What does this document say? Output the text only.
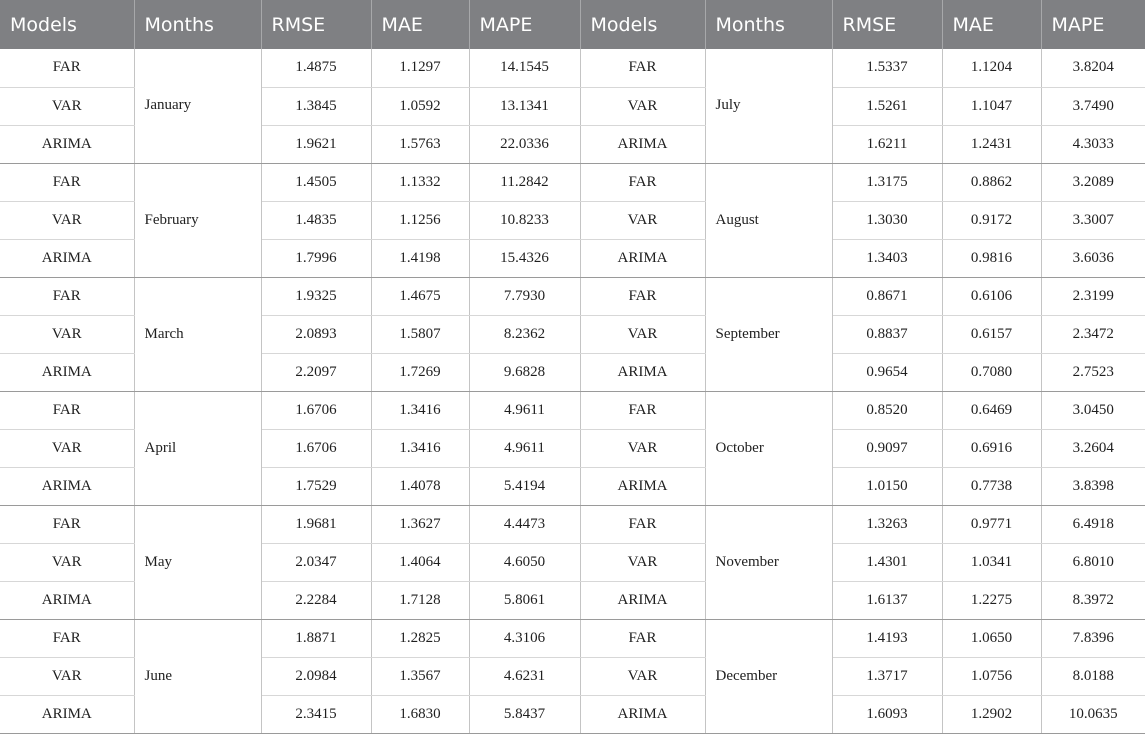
Models	Months	RMSE	MAE	MAPE	Models	Months	RMSE	MAE	MAPE
FAR	January	1.4875	1.1297	14.1545	FAR	July	1.5337	1.1204	3.8204
VAR		1.3845	1.0592	13.1341	VAR		1.5261	1.1047	3.7490
ARIMA		1.9621	1.5763	22.0336	ARIMA		1.6211	1.2431	4.3033
FAR	February	1.4505	1.1332	11.2842	FAR	August	1.3175	0.8862	3.2089
VAR		1.4835	1.1256	10.8233	VAR		1.3030	0.9172	3.3007
ARIMA		1.7996	1.4198	15.4326	ARIMA		1.3403	0.9816	3.6036
FAR	March	1.9325	1.4675	7.7930	FAR	September	0.8671	0.6106	2.3199
VAR		2.0893	1.5807	8.2362	VAR		0.8837	0.6157	2.3472
ARIMA		2.2097	1.7269	9.6828	ARIMA		0.9654	0.7080	2.7523
FAR	April	1.6706	1.3416	4.9611	FAR	October	0.8520	0.6469	3.0450
VAR		1.6706	1.3416	4.9611	VAR		0.9097	0.6916	3.2604
ARIMA		1.7529	1.4078	5.4194	ARIMA		1.0150	0.7738	3.8398
FAR	May	1.9681	1.3627	4.4473	FAR	November	1.3263	0.9771	6.4918
VAR		2.0347	1.4064	4.6050	VAR		1.4301	1.0341	6.8010
ARIMA		2.2284	1.7128	5.8061	ARIMA		1.6137	1.2275	8.3972
FAR	June	1.8871	1.2825	4.3106	FAR	December	1.4193	1.0650	7.8396
VAR		2.0984	1.3567	4.6231	VAR		1.3717	1.0756	8.0188
ARIMA		2.3415	1.6830	5.8437	ARIMA		1.6093	1.2902	10.0635
